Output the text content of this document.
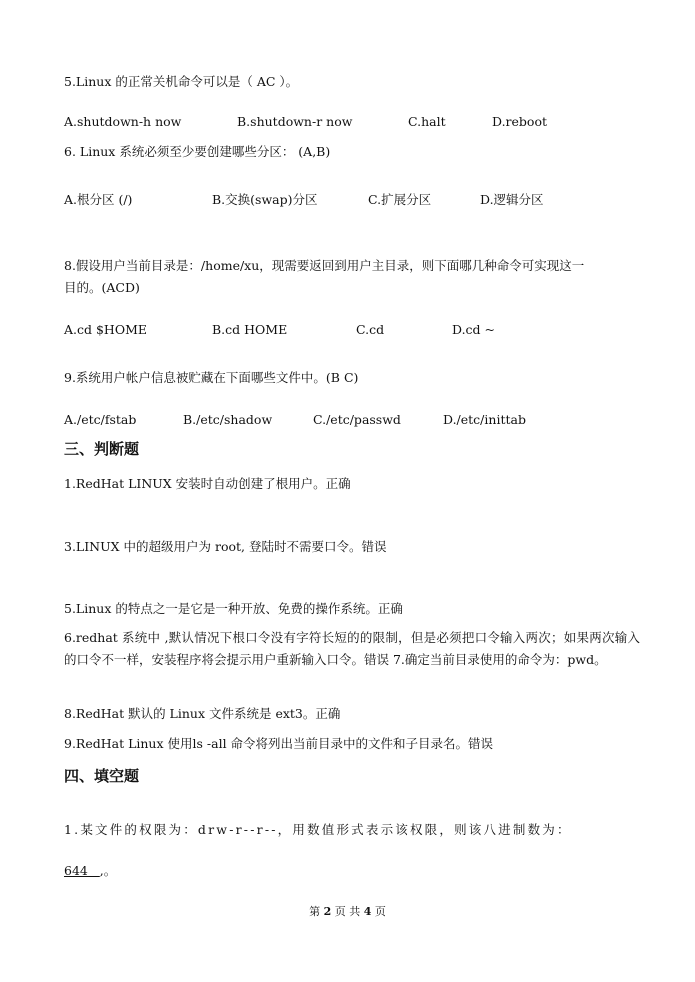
5.Linux 的正常关机命令可以是（ AC ）。
A.shutdown-h now	B.shutdown-r now	C.halt	D.reboot
6. Linux 系统必须至少要创建哪些分区： (A,B)
A.根分区 (/)	B.交换(swap)分区	C.扩展分区	D.逻辑分区
8.假设用户当前目录是：/home/xu，现需要返回到用户主目录，则下面哪几种命令可实现这一
目的。(ACD)
A.cd $HOME	B.cd HOME	C.cd	D.cd ~
9.系统用户帐户信息被贮藏在下面哪些文件中。(B C)
A./etc/fstab	B./etc/shadow	C./etc/passwd	D./etc/inittab
三、判断题
1.RedHat LINUX 安装时自动创建了根用户。正确
3.LINUX 中的超级用户为 root, 登陆时不需要口令。错误
5.Linux 的特点之一是它是一种开放、免费的操作系统。正确
6.redhat 系统中 ,默认情况下根口令没有字符长短的的限制，但是必须把口令输入两次；如果两次输入的口令不一样，安装程序将会提示用户重新输入口令。错误 7.确定当前目录使用的命令为：pwd。
8.RedHat 默认的 Linux 文件系统是 ext3。正确
9.RedHat Linux 使用ls -all 命令将列出当前目录中的文件和子目录名。错误
四、填空题
1.某文件的权限为：drw-r--r--，用数值形式表示该权限，则该八进制数为：
644   ,。
第 2 页 共 4 页
